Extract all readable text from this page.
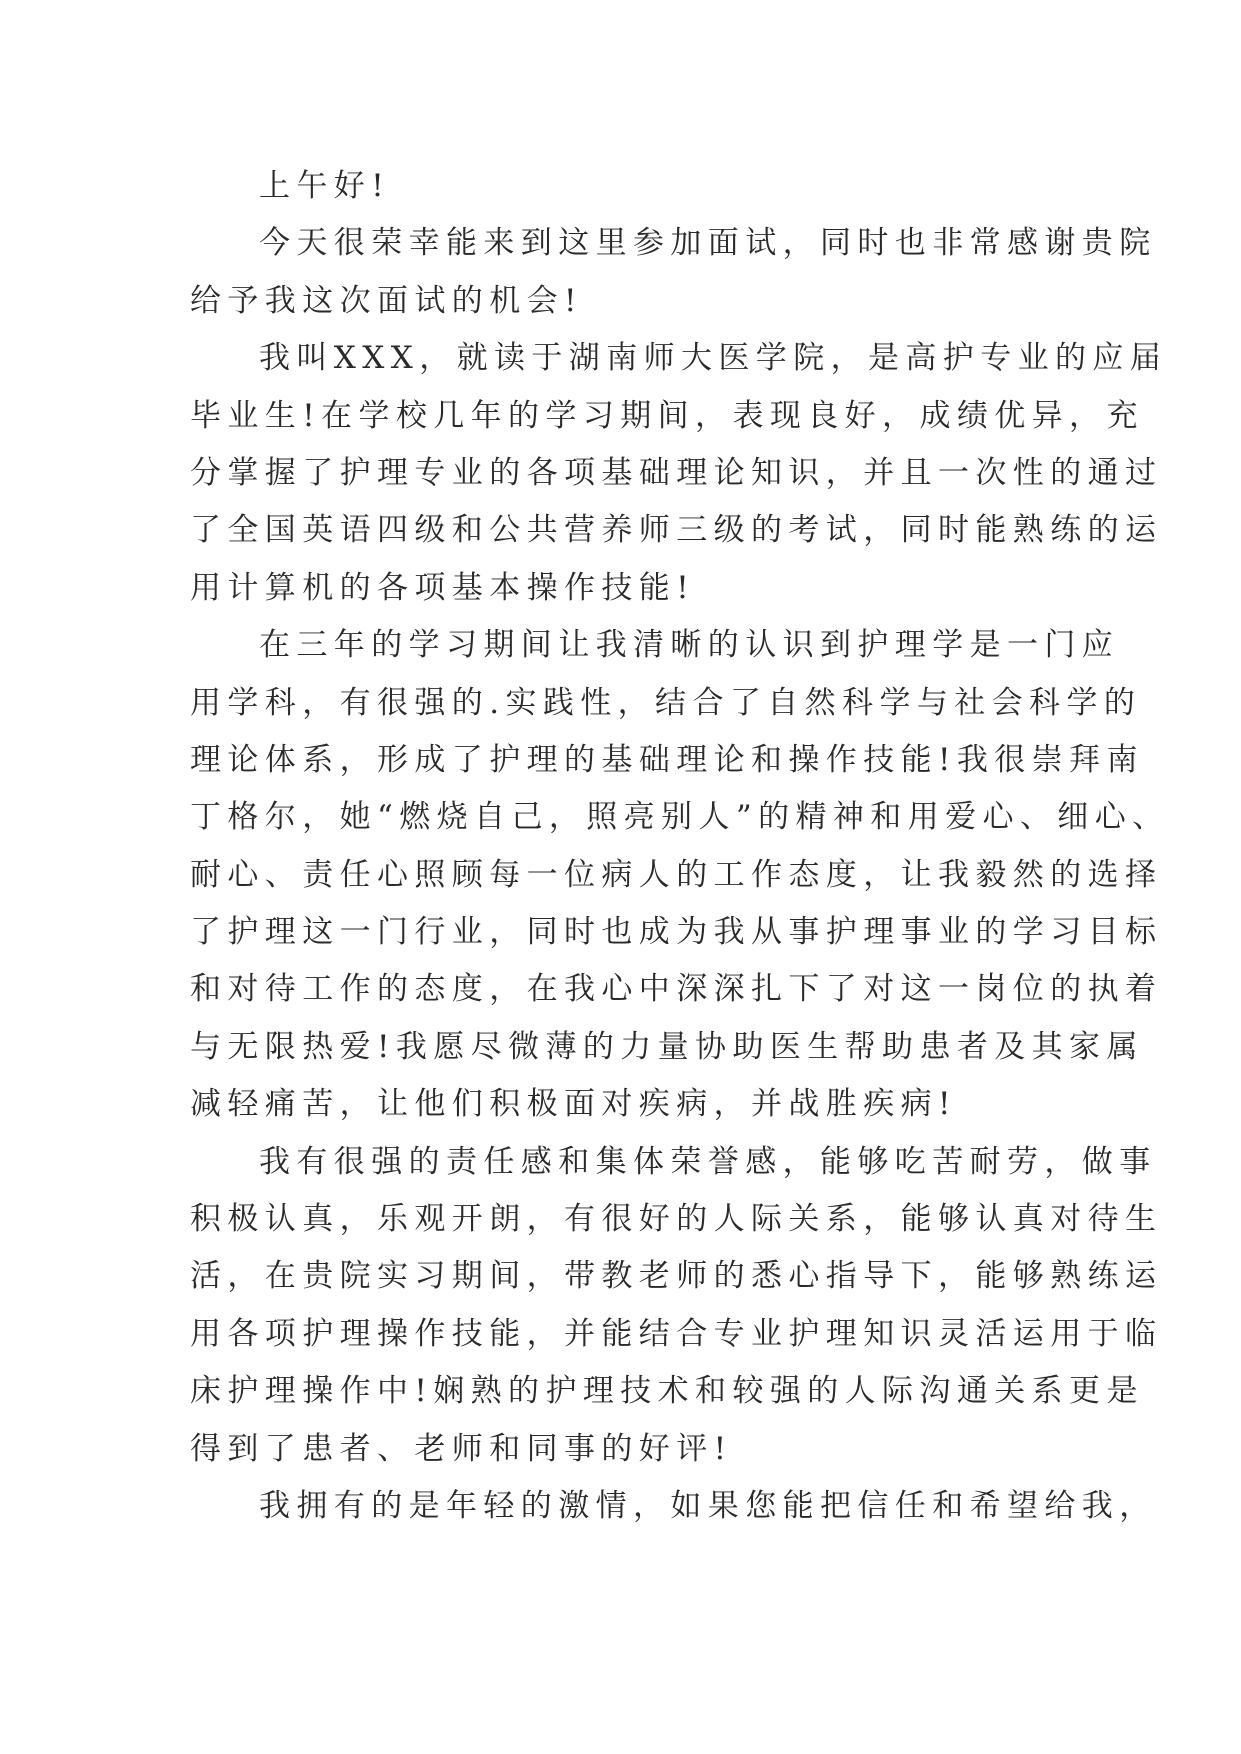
上午好!
今天很荣幸能来到这里参加面试，同时也非常感谢贵院
给予我这次面试的机会!
我叫XXX，就读于湖南师大医学院，是高护专业的应届
毕业生!在学校几年的学习期间，表现良好，成绩优异，充
分掌握了护理专业的各项基础理论知识，并且一次性的通过
了全国英语四级和公共营养师三级的考试，同时能熟练的运
用计算机的各项基本操作技能!
在三年的学习期间让我清晰的认识到护理学是一门应
用学科，有很强的.实践性，结合了自然科学与社会科学的
理论体系，形成了护理的基础理论和操作技能!我很崇拜南
丁格尔，她“燃烧自己，照亮别人”的精神和用爱心、细心、
耐心、责任心照顾每一位病人的工作态度，让我毅然的选择
了护理这一门行业，同时也成为我从事护理事业的学习目标
和对待工作的态度，在我心中深深扎下了对这一岗位的执着
与无限热爱!我愿尽微薄的力量协助医生帮助患者及其家属
减轻痛苦，让他们积极面对疾病，并战胜疾病!
我有很强的责任感和集体荣誉感，能够吃苦耐劳，做事
积极认真，乐观开朗，有很好的人际关系，能够认真对待生
活，在贵院实习期间，带教老师的悉心指导下，能够熟练运
用各项护理操作技能，并能结合专业护理知识灵活运用于临
床护理操作中!娴熟的护理技术和较强的人际沟通关系更是
得到了患者、老师和同事的好评!
我拥有的是年轻的激情，如果您能把信任和希望给我，
